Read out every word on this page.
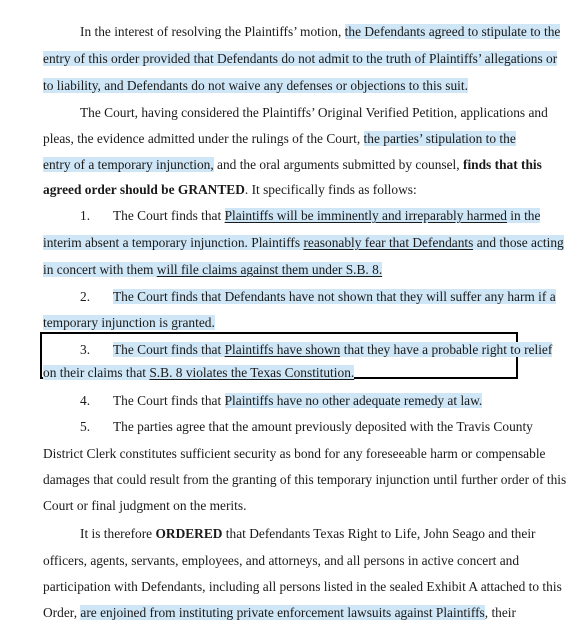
In the interest of resolving the Plaintiffs’ motion, the Defendants agreed to stipulate to the
entry of this order provided that Defendants do not admit to the truth of Plaintiffs’ allegations or
to liability, and Defendants do not waive any defenses or objections to this suit.
The Court, having considered the Plaintiffs’ Original Verified Petition, applications and
pleas, the evidence admitted under the rulings of the Court, the parties’ stipulation to the
entry of a temporary injunction, and the oral arguments submitted by counsel, finds that this
agreed order should be GRANTED. It specifically finds as follows:
1. The Court finds that Plaintiffs will be imminently and irreparably harmed in the
interim absent a temporary injunction. Plaintiffs reasonably fear that Defendants and those acting
in concert with them will file claims against them under S.B. 8.
2. The Court finds that Defendants have not shown that they will suffer any harm if a
temporary injunction is granted.
3. The Court finds that Plaintiffs have shown that they have a probable right to relief
on their claims that S.B. 8 violates the Texas Constitution.
4. The Court finds that Plaintiffs have no other adequate remedy at law.
5. The parties agree that the amount previously deposited with the Travis County
District Clerk constitutes sufficient security as bond for any foreseeable harm or compensable
damages that could result from the granting of this temporary injunction until further order of this
Court or final judgment on the merits.
It is therefore ORDERED that Defendants Texas Right to Life, John Seago and their
officers, agents, servants, employees, and attorneys, and all persons in active concert and
participation with Defendants, including all persons listed in the sealed Exhibit A attached to this
Order, are enjoined from instituting private enforcement lawsuits against Plaintiffs, their
